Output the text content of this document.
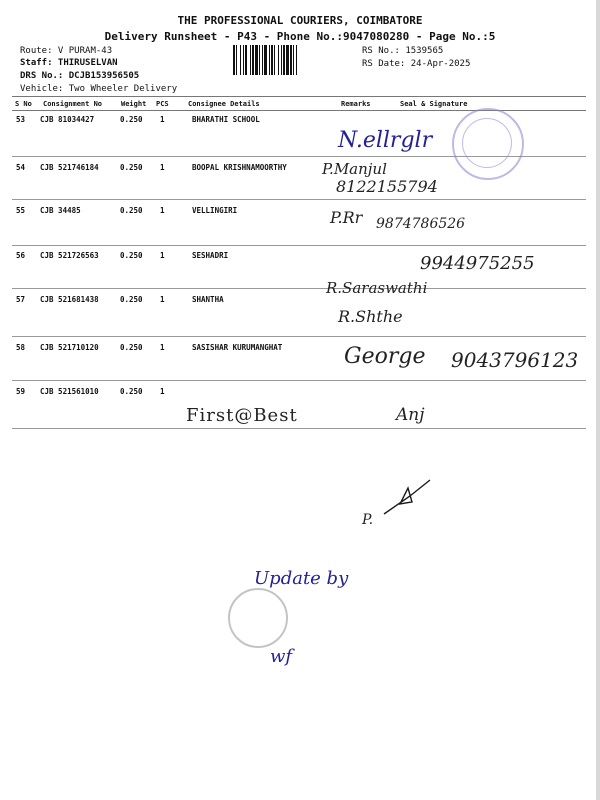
THE PROFESSIONAL COURIERS, COIMBATORE
Delivery Runsheet - P43 - Phone No.:9047080280 - Page No.:5
Route: V PURAM-43
Staff: THIRUSELVAN
DRS No.: DCJB153956505
Vehicle: Two Wheeler Delivery
RS No.: 1539565
RS Date: 24-Apr-2025
S No Consignment No	Weight PCS	Consignee Details	Remarks	Seal & Signature
53 CJB 81034427	0.250 1	BHARATHI SCHOOL
54 CJB 521746184	0.250 1	BOOPAL KRISHNAMOORTHY
55 CJB 34485	0.250 1	VELLINGIRI
56 CJB 521726563	0.250 1	SESHADRI
57 CJB 521681438	0.250 1	SHANTHA
58 CJB 521710120	0.250 1	SASISHAR KURUMANGHAT
59 CJB 521561010	0.250 1
N.ellrglr
P.Manjul
8122155794
P.Rr 9874786526
9944975255
R.Saraswathi
R.Shthe
George 9043796123
First@Best	Anj
P.
Update by
wf
